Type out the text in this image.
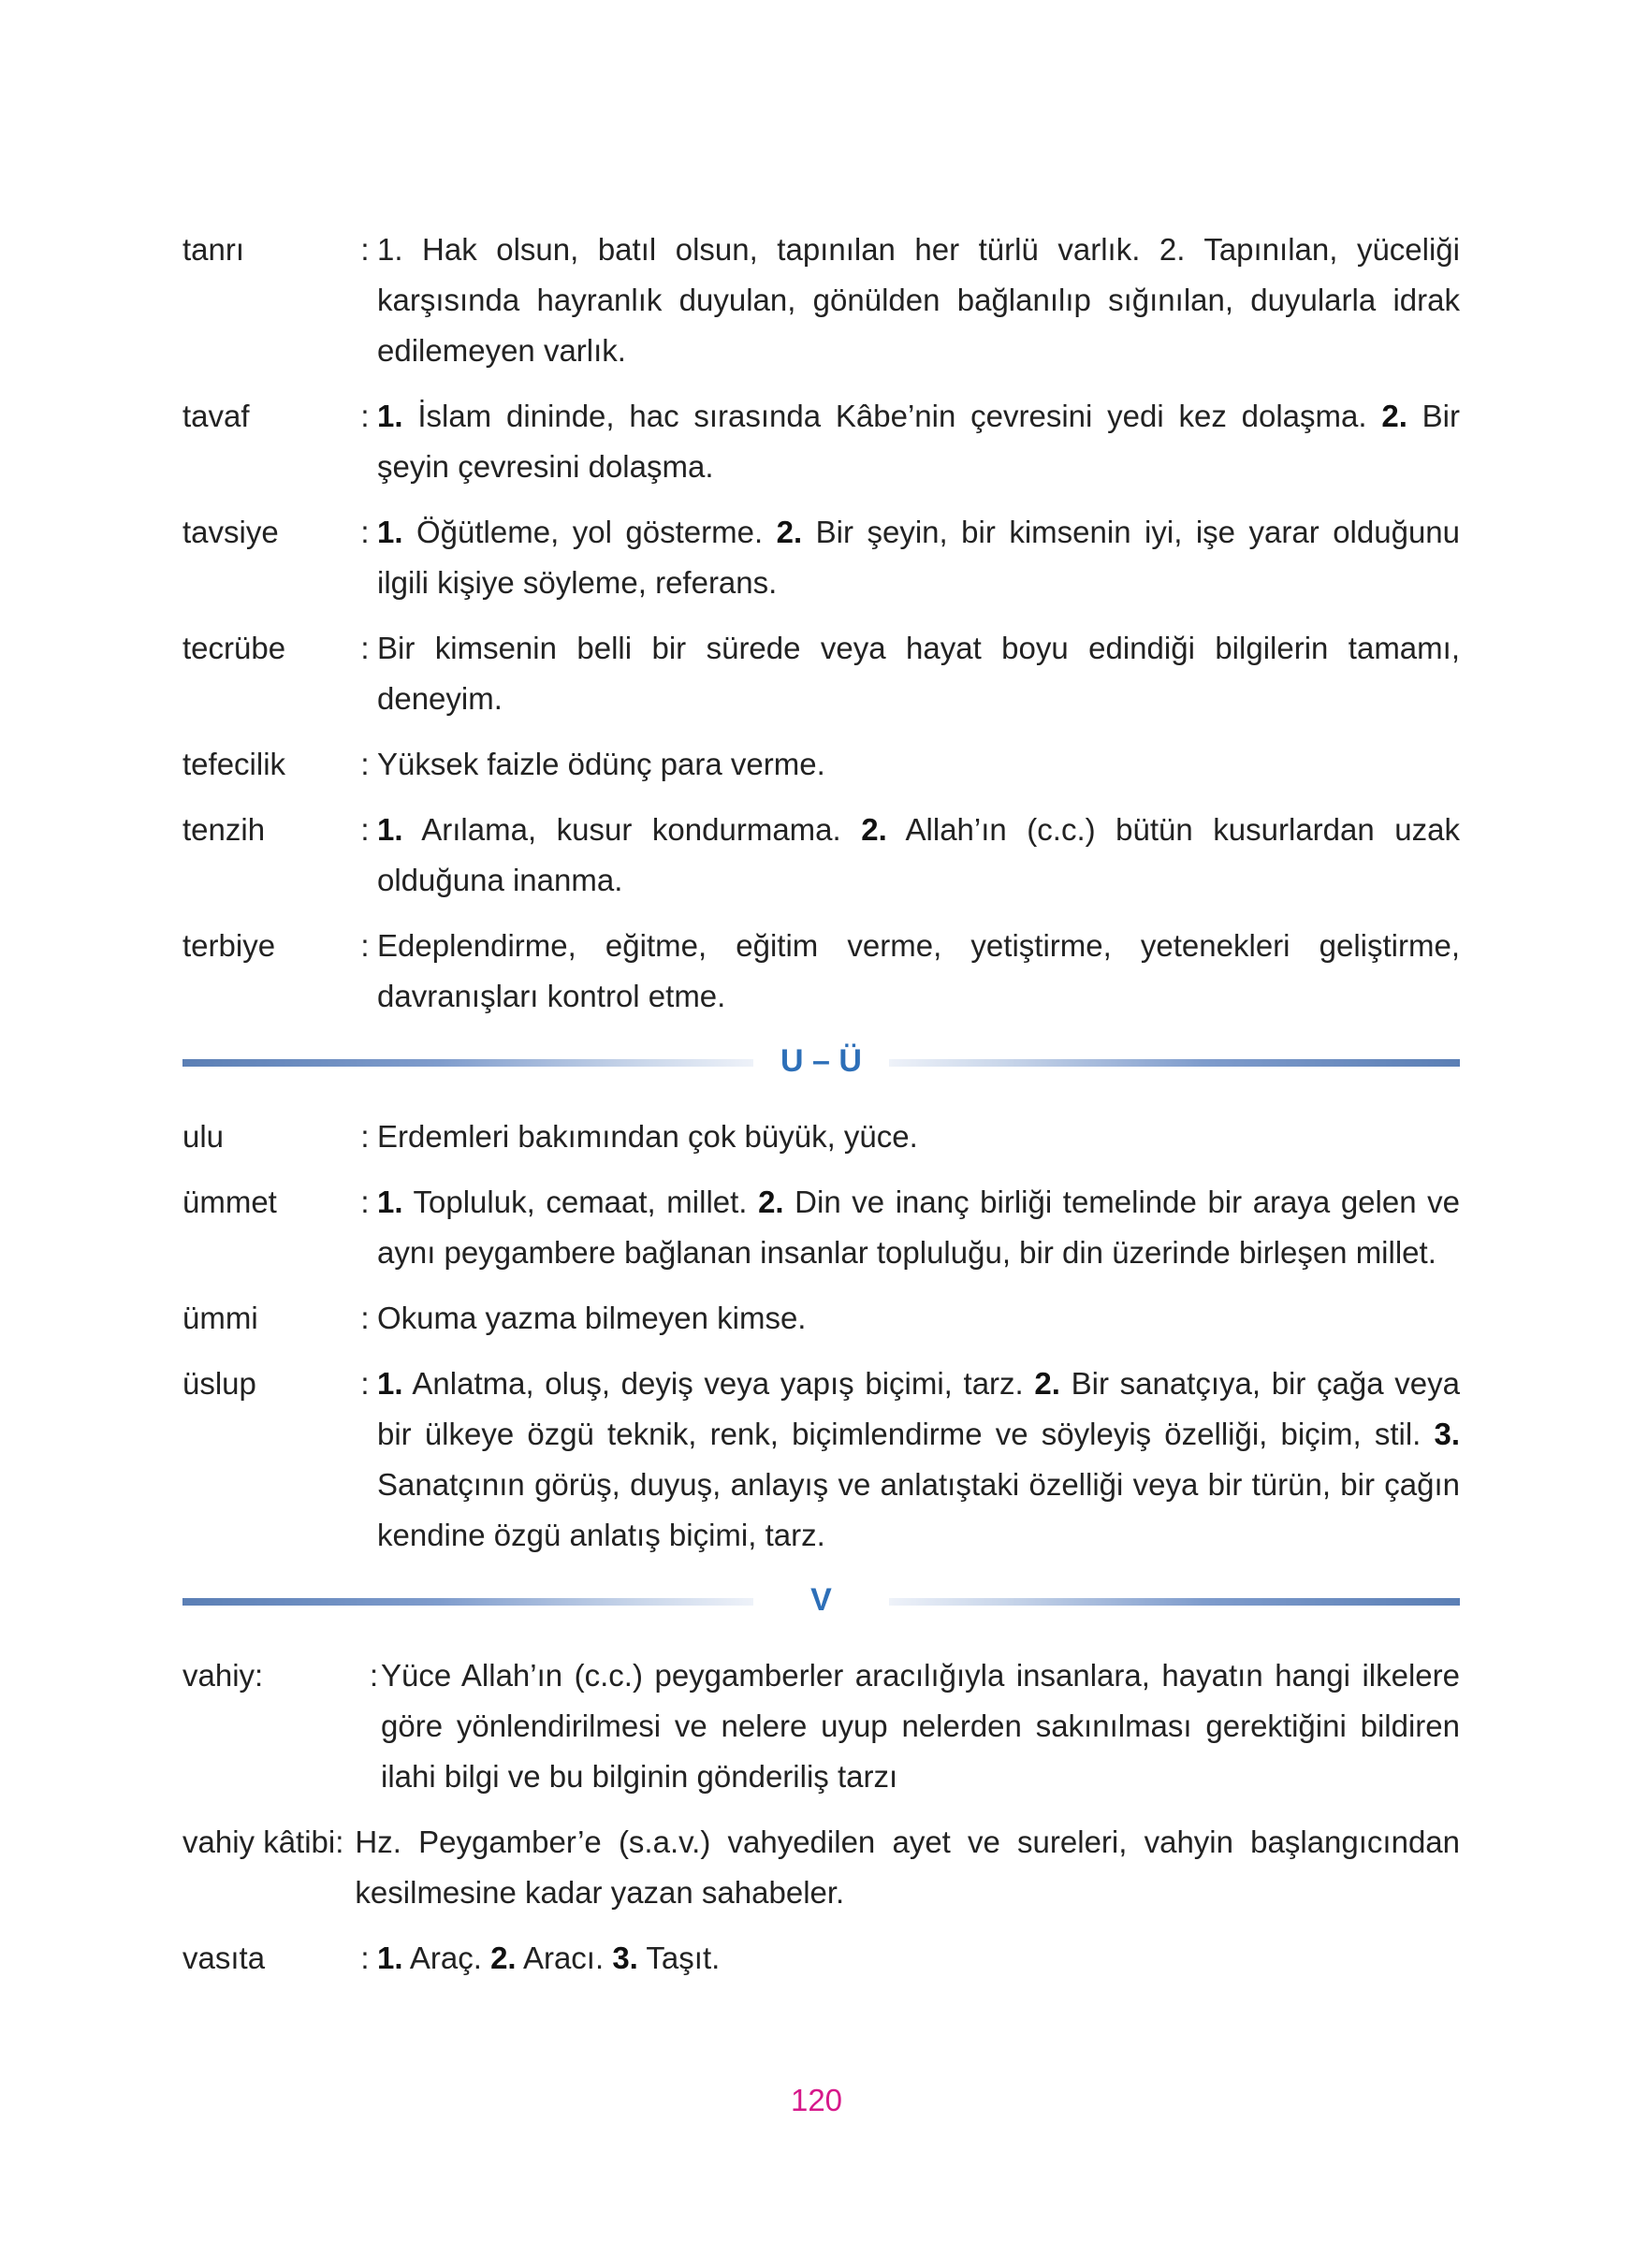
tanrı	: 1. Hak olsun, batıl olsun, tapınılan her türlü varlık. 2. Tapınılan, yüceliği karşısında hayranlık duyulan, gönülden bağlanılıp sığınılan, duyularla idrak edilemeyen varlık.
tavaf	: 1. İslam dininde, hac sırasında Kâbe’nin çevresini yedi kez dolaşma. 2. Bir şeyin çevresini dolaşma.
tavsiye	: 1. Öğütleme, yol gösterme. 2. Bir şeyin, bir kimsenin iyi, işe yarar olduğunu ilgili kişiye söyleme, referans.
tecrübe	: Bir kimsenin belli bir sürede veya hayat boyu edindiği bilgilerin tamamı, deneyim.
tefecilik	: Yüksek faizle ödünç para verme.
tenzih	: 1. Arılama, kusur kondurmama. 2. Allah’ın (c.c.) bütün kusurlardan uzak olduğuna inanma.
terbiye	: Edeplendirme, eğitme, eğitim verme, yetiştirme, yetenekleri geliştirme, davranışları kontrol etme.
U – Ü
ulu	: Erdemleri bakımından çok büyük, yüce.
ümmet	: 1. Topluluk, cemaat, millet. 2. Din ve inanç birliği temelinde bir araya gelen ve aynı peygambere bağlanan insanlar topluluğu, bir din üzerinde birleşen millet.
ümmi	: Okuma yazma bilmeyen kimse.
üslup	: 1. Anlatma, oluş, deyiş veya yapış biçimi, tarz. 2. Bir sanatçıya, bir çağa veya bir ülkeye özgü teknik, renk, biçimlendirme ve söyleyiş özelliği, biçim, stil. 3. Sanatçının görüş, duyuş, anlayış ve anlatıştaki özelliği veya bir türün, bir çağın kendine özgü anlatış biçimi, tarz.
V
vahiy:	: Yüce Allah’ın (c.c.) peygamberler aracılığıyla insanlara, hayatın hangi ilkelere göre yönlendirilmesi ve nelere uyup nelerden sakınılması gerektiğini bildiren ilahi bilgi ve bu bilginin gönderiliş tarzı
vahiy kâtibi: Hz. Peygamber’e (s.a.v.) vahyedilen ayet ve sureleri, vahyin başlangıcından kesilmesine kadar yazan sahabeler.
vasıta	: 1. Araç. 2. Aracı. 3. Taşıt.
120
